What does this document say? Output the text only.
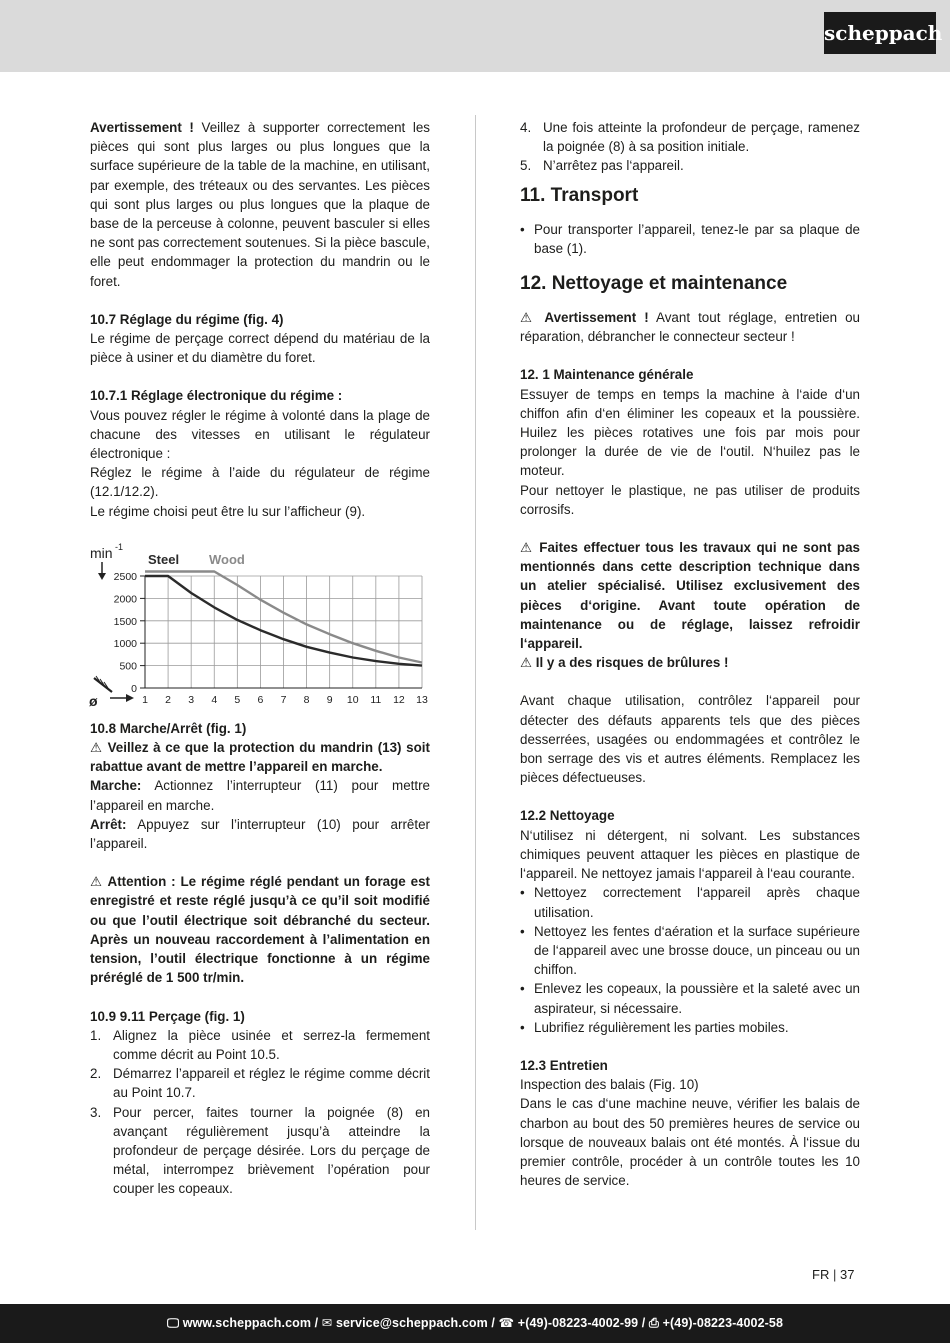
scheppach

Avertissement ! Veillez à supporter correctement les pièces qui sont plus larges ou plus longues que la surface supérieure de la table de la machine, en utilisant, par exemple, des tréteaux ou des servantes. Les pièces qui sont plus larges ou plus longues que la plaque de base de la perceuse à colonne, peuvent basculer si elles ne sont pas correctement soutenues. Si la pièce bascule, elle peut endommager la protection du mandrin ou le foret.

10.7 Réglage du régime (fig. 4)

Le régime de perçage correct dépend du matériau de la pièce à usiner et du diamètre du foret.

10.7.1 Réglage électronique du régime :

Vous pouvez régler le régime à volonté dans la plage de chacune des vitesses en utilisant le régulateur électronique :

Réglez le régime à l’aide du régulateur de régime (12.1/12.2).

Le régime choisi peut être lu sur l’afficheur (9).

2500
2000
1500
1000
500
0
1 2 3 4 5 6 7 8 9 10 11 12 13
Steel Wood
min -1
ø

10.8 Marche/Arrêt (fig. 1)

⚠ Veillez à ce que la protection du mandrin (13) soit rabattue avant de mettre l’appareil en marche.

Marche: Actionnez l’interrupteur (11) pour mettre l’appareil en marche.

Arrêt: Appuyez sur l’interrupteur (10) pour arrêter l’appareil.

⚠ Attention : Le régime réglé pendant un forage est enregistré et reste réglé jusqu’à ce qu’il soit modifié ou que l’outil électrique soit débranché du secteur. Après un nouveau raccordement à l’alimentation en tension, l’outil électrique fonctionne à un régime préréglé de 1 500 tr/min.

10.9 9.11 Perçage (fig. 1)

1. Alignez la pièce usinée et serrez-la fermement comme décrit au Point 10.5.
2. Démarrez l’appareil et réglez le régime comme décrit au Point 10.7.
3. Pour percer, faites tourner la poignée (8) en avançant régulièrement jusqu’à atteindre la profondeur de perçage désirée. Lors du perçage de métal, interrompez brièvement l’opération pour couper les copeaux.
4. Une fois atteinte la profondeur de perçage, ramenez la poignée (8) à sa position initiale.
5. N’arrêtez pas l‘appareil.
11. Transport
• Pour transporter l’appareil, tenez-le par sa plaque de base (1).
12. Nettoyage et maintenance

⚠ Avertissement ! Avant tout réglage, entretien ou réparation, débrancher le connecteur secteur !

12. 1 Maintenance générale

Essuyer de temps en temps la machine à l‘aide d‘un chiffon afin d‘en éliminer les copeaux et la poussière. Huilez les pièces rotatives une fois par mois pour prolonger la durée de vie de l‘outil. N‘huilez pas le moteur.

Pour nettoyer le plastique, ne pas utiliser de produits corrosifs.

⚠ Faites effectuer tous les travaux qui ne sont pas mentionnés dans cette description technique dans un atelier spécialisé. Utilisez exclusivement des pièces d‘origine. Avant toute opération de maintenance ou de réglage, laissez refroidir l‘appareil.

⚠ Il y a des risques de brûlures !

Avant chaque utilisation, contrôlez l‘appareil pour détecter des défauts apparents tels que des pièces desserrées, usagées ou endommagées et contrôlez le bon serrage des vis et autres éléments. Remplacez les pièces défectueuses.

12.2 Nettoyage

N‘utilisez ni détergent, ni solvant. Les substances chimiques peuvent attaquer les pièces en plastique de l‘appareil. Ne nettoyez jamais l‘appareil à l‘eau courante.

• Nettoyez correctement l‘appareil après chaque utilisation.
• Nettoyez les fentes d‘aération et la surface supérieure de l‘appareil avec une brosse douce, un pinceau ou un chiffon.
• Enlevez les copeaux, la poussière et la saleté avec un aspirateur, si nécessaire.
• Lubrifiez régulièrement les parties mobiles.

12.3 Entretien

Inspection des balais (Fig. 10)

Dans le cas d‘une machine neuve, vérifier les balais de charbon au bout des 50 premières heures de service ou lorsque de nouveaux balais ont été montés. À l‘issue du premier contrôle, procéder à un contrôle toutes les 10 heures de service.

FR | 37
🖵 www.scheppach.com / ✉ service@scheppach.com / ☎ +(49)-08223-4002-99 / ⎙ +(49)-08223-4002-58
